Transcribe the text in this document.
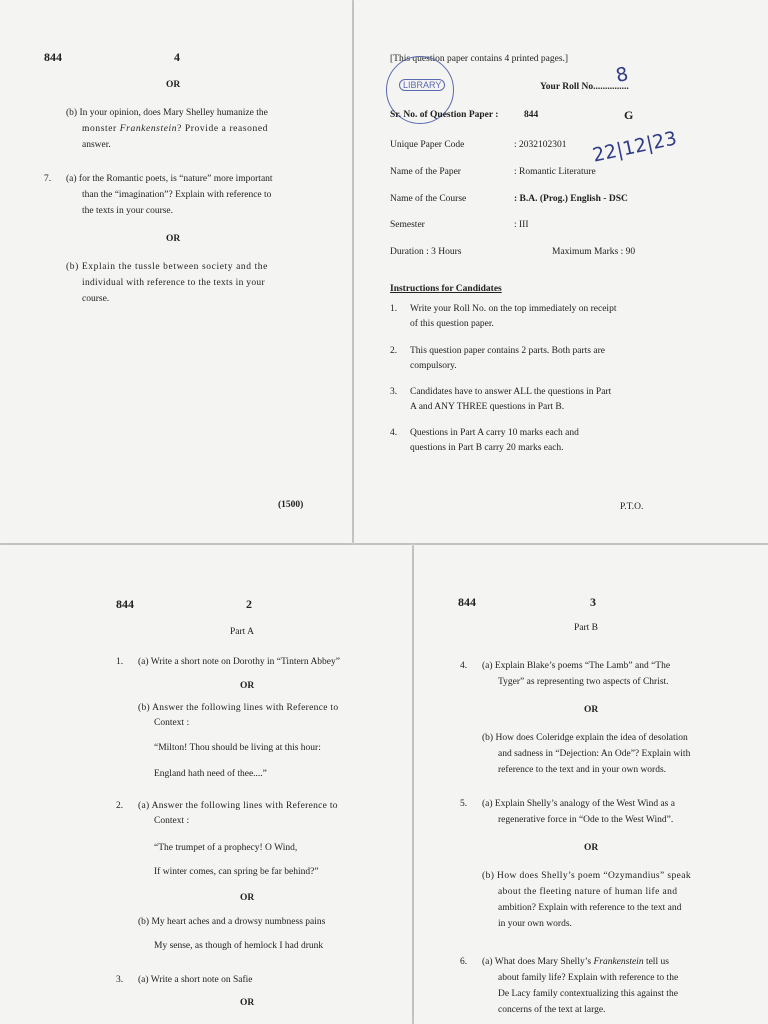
844	4
OR
(b) In your opinion, does Mary Shelley humanize the
monster Frankenstein? Provide a reasoned
answer.
7. (a) for the Romantic poets, is “nature” more important
than the “imagination”? Explain with reference to
the texts in your course.
OR
(b) Explain the tussle between society and the
individual with reference to the texts in your
course.
(1500)
[This question paper contains 4 printed pages.]
LIBRARY	Your Roll No...............
8
Sr. No. of Question Paper :	844	G
22|12|23
Unique Paper Code	: 2032102301
Name of the Paper	: Romantic Literature
Name of the Course	: B.A. (Prog.) English - DSC
Semester	: III
Duration : 3 Hours	Maximum Marks : 90
Instructions for Candidates
1. Write your Roll No. on the top immediately on receipt
of this question paper.
2. This question paper contains 2 parts. Both parts are
compulsory.
3. Candidates have to answer ALL the questions in Part
A and ANY THREE questions in Part B.
4. Questions in Part A carry 10 marks each and
questions in Part B carry 20 marks each.
P.T.O.
844	2
Part A
1. (a) Write a short note on Dorothy in “Tintern Abbey”
OR
(b) Answer the following lines with Reference to
Context :
“Milton! Thou should be living at this hour:
England hath need of thee....”
2. (a) Answer the following lines with Reference to
Context :
“The trumpet of a prophecy! O Wind,
If winter comes, can spring be far behind?”
OR
(b) My heart aches and a drowsy numbness pains
My sense, as though of hemlock I had drunk
3. (a) Write a short note on Safie
OR
844	3
Part B
4. (a) Explain Blake’s poems “The Lamb” and “The
Tyger” as representing two aspects of Christ.
OR
(b) How does Coleridge explain the idea of desolation
and sadness in “Dejection: An Ode”? Explain with
reference to the text and in your own words.
5. (a) Explain Shelly’s analogy of the West Wind as a
regenerative force in “Ode to the West Wind”.
OR
(b) How does Shelly’s poem “Ozymandius” speak
about the fleeting nature of human life and
ambition? Explain with reference to the text and
in your own words.
6. (a) What does Mary Shelly’s Frankenstein tell us
about family life? Explain with reference to the
De Lacy family contextualizing this against the
concerns of the text at large.
